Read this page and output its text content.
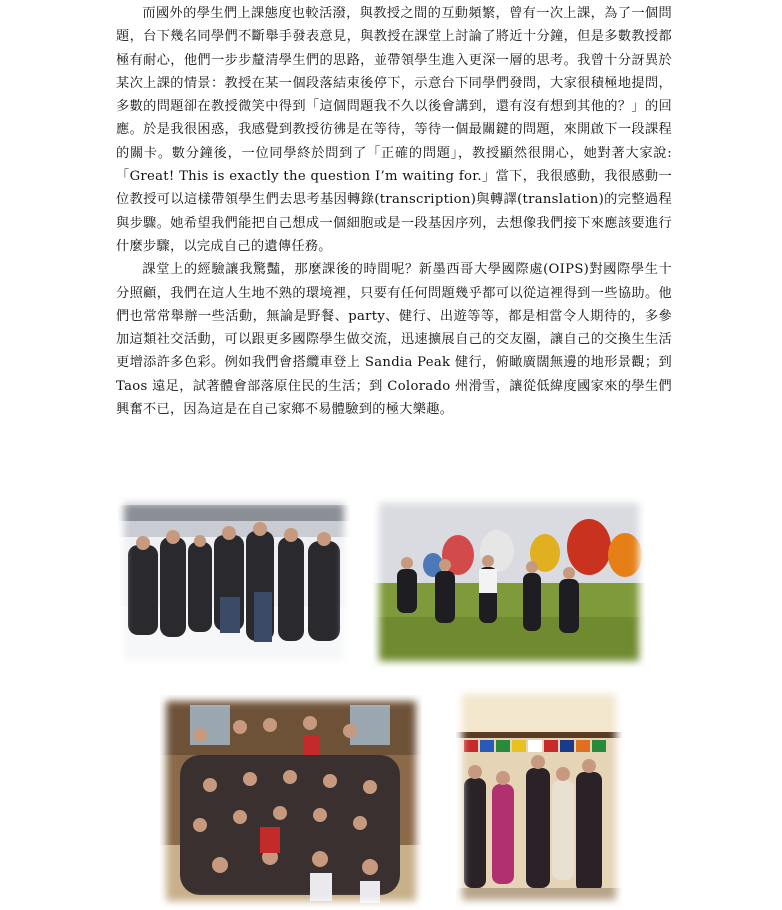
而國外的學生們上課態度也較活潑，與教授之間的互動頻繁，曾有一次上課，為了一個問題，台下幾名同學們不斷舉手發表意見，與教授在課堂上討論了將近十分鐘，但是多數教授都極有耐心，他們一步步釐清學生們的思路，並帶領學生進入更深一層的思考。我曾十分訝異於某次上課的情景：教授在某一個段落結束後停下，示意台下同學們發問，大家很積極地提問，多數的問題卻在教授微笑中得到「這個問題我不久以後會講到，還有沒有想到其他的？」的回應。於是我很困惑，我感覺到教授彷彿是在等待，等待一個最關鍵的問題，來開啟下一段課程的關卡。數分鐘後，一位同學終於問到了「正確的問題」，教授顯然很開心，她對著大家說:「Great! This is exactly the question I’m waiting for.」當下，我很感動，我很感動一位教授可以這樣帶領學生們去思考基因轉錄(transcription)與轉譯(translation)的完整過程與步驟。她希望我們能把自己想成一個細胞或是一段基因序列，去想像我們接下來應該要進行什麼步驟，以完成自己的遺傳任務。

課堂上的經驗讓我驚豔，那麼課後的時間呢？新墨西哥大學國際處(OIPS)對國際學生十分照顧，我們在這人生地不熟的環境裡，只要有任何問題幾乎都可以從這裡得到一些協助。他們也常常舉辦一些活動，無論是野餐、party、健行、出遊等等，都是相當令人期待的，多參加這類社交活動，可以跟更多國際學生做交流，迅速擴展自己的交友圈，讓自己的交換生生活更增添許多色彩。例如我們會搭纜車登上 Sandia Peak 健行，俯瞰廣闊無邊的地形景觀；到 Taos 遠足，試著體會部落原住民的生活；到 Colorado 州滑雪，讓從低緯度國家來的學生們興奮不已，因為這是在自己家鄉不易體驗到的極大樂趣。
